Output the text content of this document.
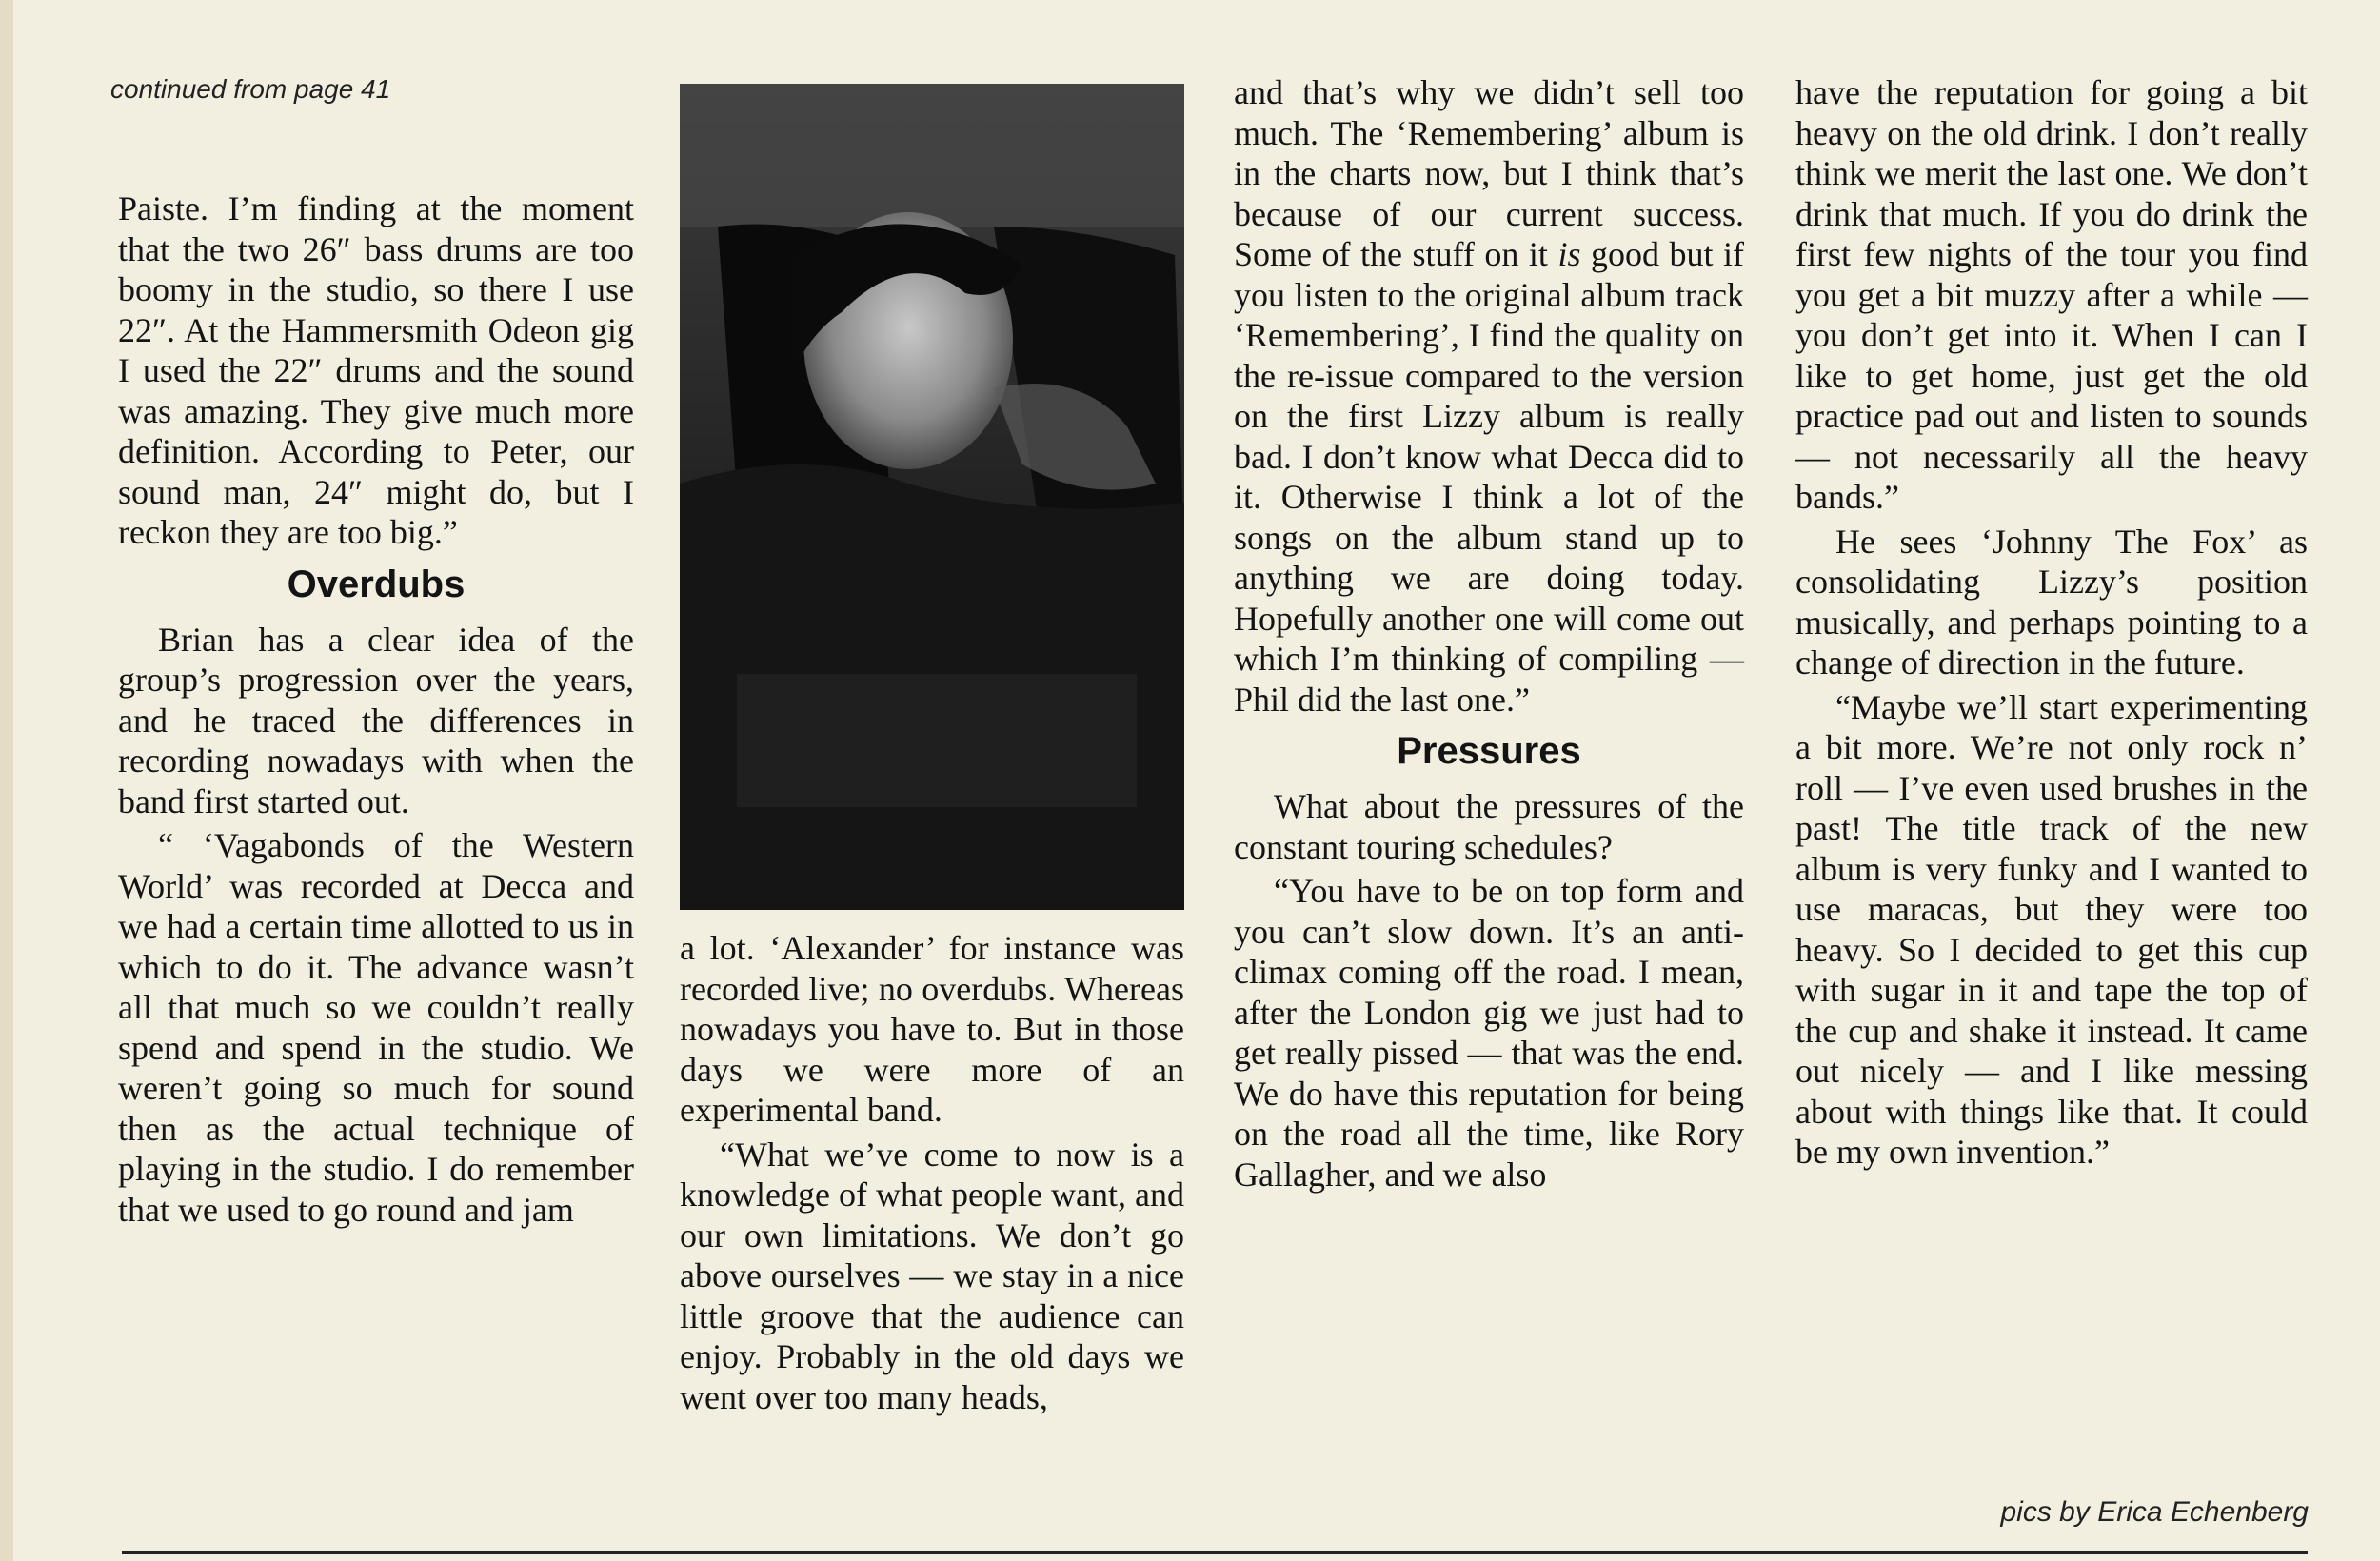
continued from page 41

Paiste. I’m finding at the moment that the two 26″ bass drums are too boomy in the studio, so there I use 22″. At the Hammersmith Odeon gig I used the 22″ drums and the sound was amazing. They give much more definition. According to Peter, our sound man, 24″ might do, but I reckon they are too big.”

Overdubs

Brian has a clear idea of the group’s progression over the years, and he traced the differences in recording nowadays with when the band first started out.

“ ‘Vagabonds of the Western World’ was recorded at Decca and we had a certain time allotted to us in which to do it. The advance wasn’t all that much so we couldn’t really spend and spend in the studio. We weren’t going so much for sound then as the actual technique of playing in the studio. I do remember that we used to go round and jam

a lot. ‘Alexander’ for instance was recorded live; no overdubs. Whereas nowadays you have to. But in those days we were more of an experimental band.

“What we’ve come to now is a knowledge of what people want, and our own limitations. We don’t go above ourselves — we stay in a nice little groove that the audience can enjoy. Probably in the old days we went over too many heads,

and that’s why we didn’t sell too much. The ‘Remembering’ album is in the charts now, but I think that’s because of our current success. Some of the stuff on it is good but if you listen to the original album track ‘Remembering’, I find the quality on the re-issue compared to the version on the first Lizzy album is really bad. I don’t know what Decca did to it. Otherwise I think a lot of the songs on the album stand up to anything we are doing today. Hopefully another one will come out which I’m thinking of compiling — Phil did the last one.”

Pressures

What about the pressures of the constant touring schedules?

“You have to be on top form and you can’t slow down. It’s an anti-climax coming off the road. I mean, after the London gig we just had to get really pissed — that was the end. We do have this reputation for being on the road all the time, like Rory Gallagher, and we also

have the reputation for going a bit heavy on the old drink. I don’t really think we merit the last one. We don’t drink that much. If you do drink the first few nights of the tour you find you get a bit muzzy after a while — you don’t get into it. When I can I like to get home, just get the old practice pad out and listen to sounds — not necessarily all the heavy bands.”

He sees ‘Johnny The Fox’ as consolidating Lizzy’s position musically, and perhaps pointing to a change of direction in the future.

“Maybe we’ll start experimenting a bit more. We’re not only rock n’ roll — I’ve even used brushes in the past! The title track of the new album is very funky and I wanted to use maracas, but they were too heavy. So I decided to get this cup with sugar in it and tape the top of the cup and shake it instead. It came out nicely — and I like messing about with things like that. It could be my own invention.”

pics by Erica Echenberg
